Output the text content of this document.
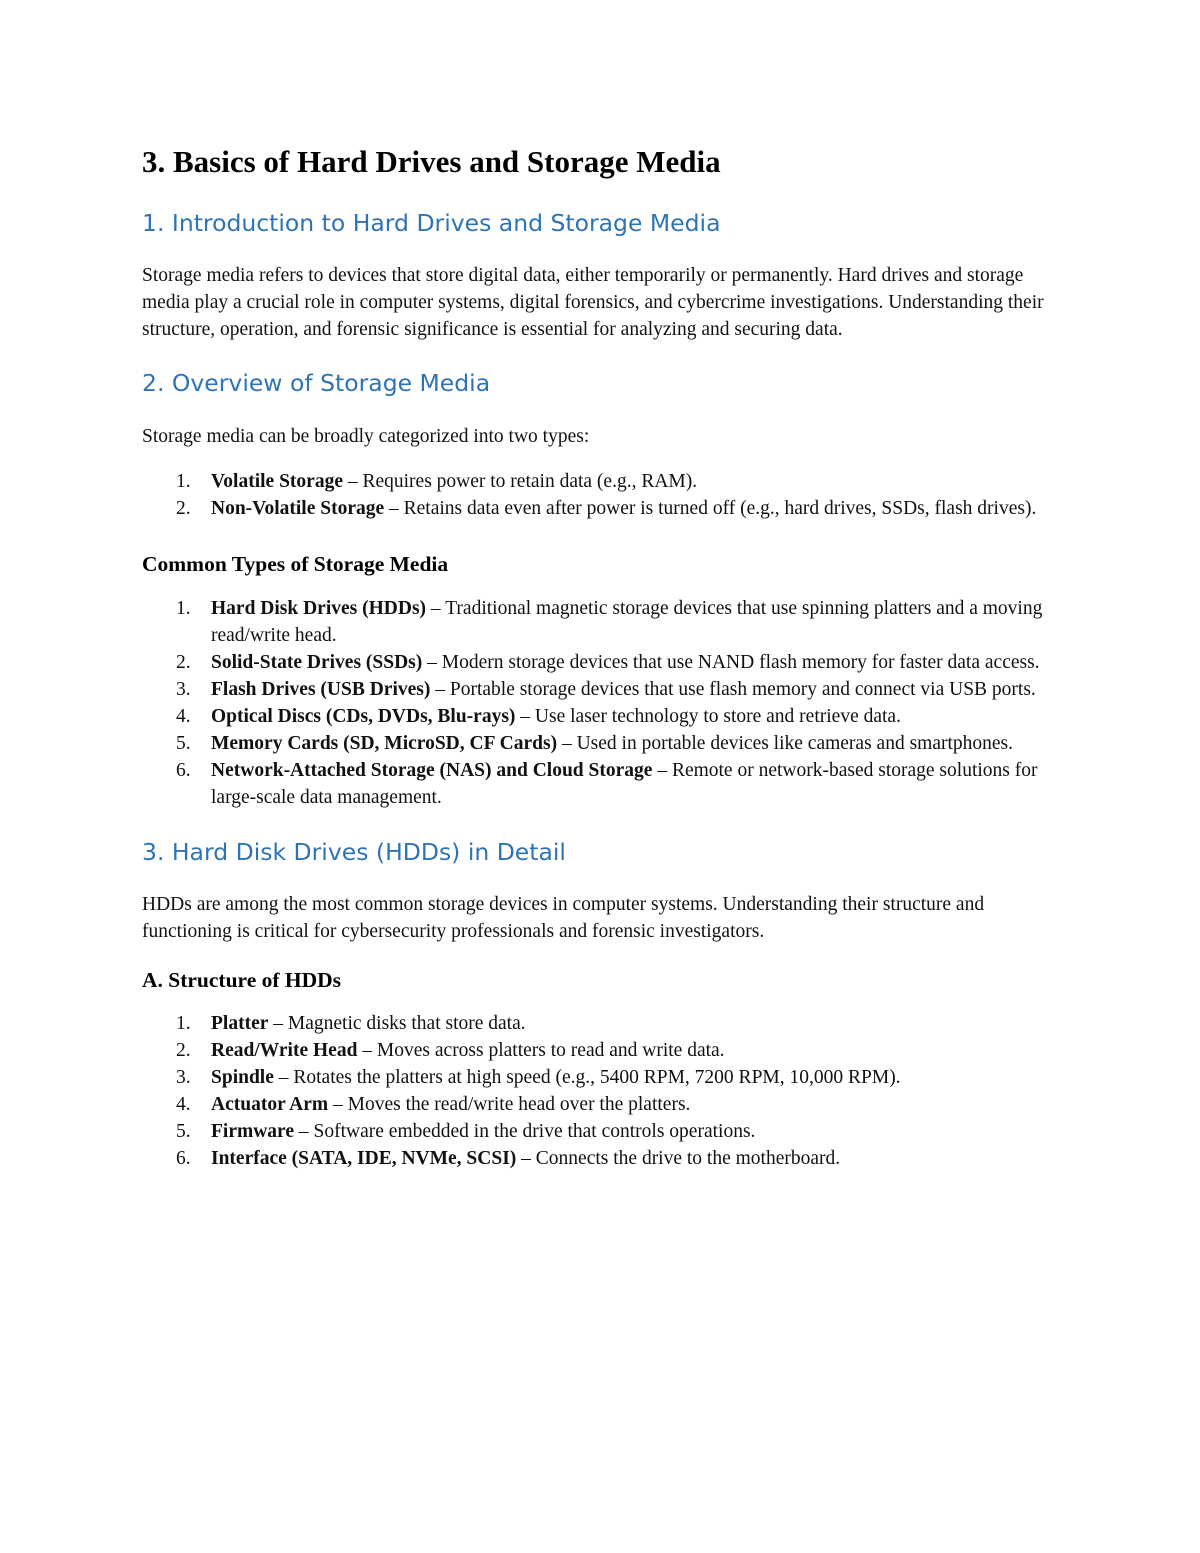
3. Basics of Hard Drives and Storage Media
1. Introduction to Hard Drives and Storage Media

Storage media refers to devices that store digital data, either temporarily or permanently. Hard drives and storage media play a crucial role in computer systems, digital forensics, and cybercrime investigations. Understanding their structure, operation, and forensic significance is essential for analyzing and securing data.

2. Overview of Storage Media

Storage media can be broadly categorized into two types:

1. Volatile Storage – Requires power to retain data (e.g., RAM).
2. Non-Volatile Storage – Retains data even after power is turned off (e.g., hard drives, SSDs, flash drives).
Common Types of Storage Media
1. Hard Disk Drives (HDDs) – Traditional magnetic storage devices that use spinning platters and a moving read/write head.
2. Solid-State Drives (SSDs) – Modern storage devices that use NAND flash memory for faster data access.
3. Flash Drives (USB Drives) – Portable storage devices that use flash memory and connect via USB ports.
4. Optical Discs (CDs, DVDs, Blu-rays) – Use laser technology to store and retrieve data.
5. Memory Cards (SD, MicroSD, CF Cards) – Used in portable devices like cameras and smartphones.
6. Network-Attached Storage (NAS) and Cloud Storage – Remote or network-based storage solutions for large-scale data management.
3. Hard Disk Drives (HDDs) in Detail

HDDs are among the most common storage devices in computer systems. Understanding their structure and functioning is critical for cybersecurity professionals and forensic investigators.

A. Structure of HDDs
1. Platter – Magnetic disks that store data.
2. Read/Write Head – Moves across platters to read and write data.
3. Spindle – Rotates the platters at high speed (e.g., 5400 RPM, 7200 RPM, 10,000 RPM).
4. Actuator Arm – Moves the read/write head over the platters.
5. Firmware – Software embedded in the drive that controls operations.
6. Interface (SATA, IDE, NVMe, SCSI) – Connects the drive to the motherboard.
